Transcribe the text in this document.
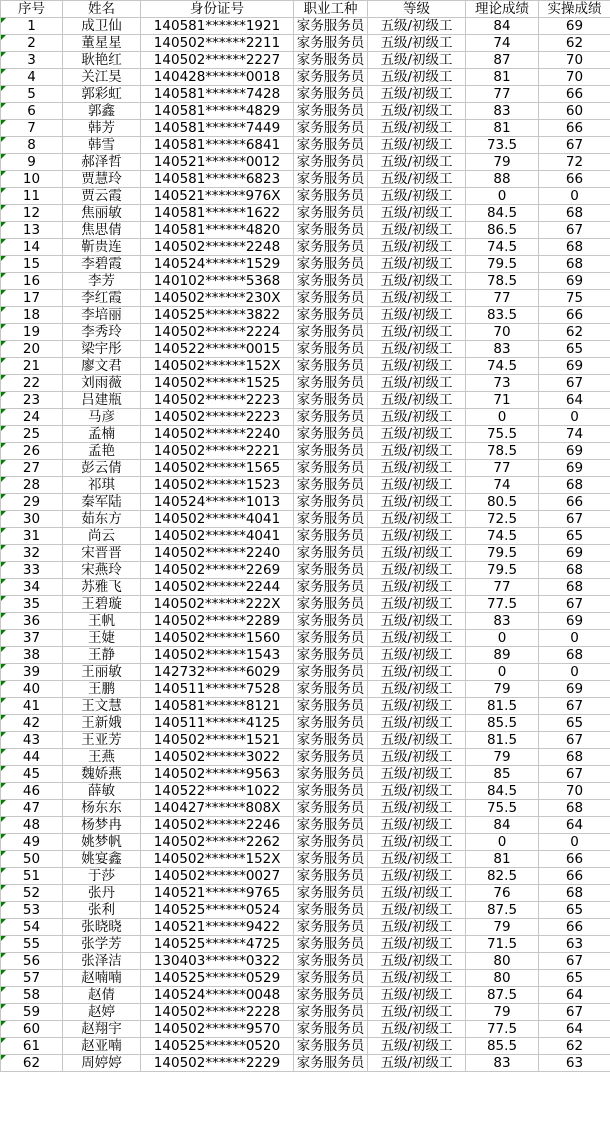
序号	姓名	身份证号	职业工种	等级	理论成绩	实操成绩

1	成卫仙	140581******1921	家务服务员	五级/初级工	84	69

2	董星星	140502******2211	家务服务员	五级/初级工	74	62

3	耿艳红	140502******2227	家务服务员	五级/初级工	87	70

4	关江昊	140428******0018	家务服务员	五级/初级工	81	70

5	郭彩虹	140581******7428	家务服务员	五级/初级工	77	66

6	郭鑫	140581******4829	家务服务员	五级/初级工	83	60

7	韩芳	140581******7449	家务服务员	五级/初级工	81	66

8	韩雪	140581******6841	家务服务员	五级/初级工	73.5	67

9	郝泽哲	140521******0012	家务服务员	五级/初级工	79	72

10	贾慧玲	140581******6823	家务服务员	五级/初级工	88	66

11	贾云霞	140521******976X	家务服务员	五级/初级工	0	0

12	焦丽敏	140581******1622	家务服务员	五级/初级工	84.5	68

13	焦思倩	140581******4820	家务服务员	五级/初级工	86.5	67

14	靳贵连	140502******2248	家务服务员	五级/初级工	74.5	68

15	李碧霞	140524******1529	家务服务员	五级/初级工	79.5	68

16	李芳	140102******5368	家务服务员	五级/初级工	78.5	69

17	李红霞	140502******230X	家务服务员	五级/初级工	77	75

18	李培丽	140525******3822	家务服务员	五级/初级工	83.5	66

19	李秀玲	140502******2224	家务服务员	五级/初级工	70	62

20	梁宇彤	140522******0015	家务服务员	五级/初级工	83	65

21	廖文君	140502******152X	家务服务员	五级/初级工	74.5	69

22	刘雨薇	140502******1525	家务服务员	五级/初级工	73	67

23	吕建瓶	140502******2223	家务服务员	五级/初级工	71	64

24	马彦	140502******2223	家务服务员	五级/初级工	0	0

25	孟楠	140502******2240	家务服务员	五级/初级工	75.5	74

26	孟艳	140502******2221	家务服务员	五级/初级工	78.5	69

27	彭云倩	140502******1565	家务服务员	五级/初级工	77	69

28	祁琪	140502******1523	家务服务员	五级/初级工	74	68

29	秦军陆	140524******1013	家务服务员	五级/初级工	80.5	66

30	茹东方	140502******4041	家务服务员	五级/初级工	72.5	67

31	尚云	140502******4041	家务服务员	五级/初级工	74.5	65

32	宋晋晋	140502******2240	家务服务员	五级/初级工	79.5	69

33	宋燕玲	140502******2269	家务服务员	五级/初级工	79.5	68

34	苏雅飞	140502******2244	家务服务员	五级/初级工	77	68

35	王碧璇	140502******222X	家务服务员	五级/初级工	77.5	67

36	王帆	140502******2289	家务服务员	五级/初级工	83	69

37	王婕	140502******1560	家务服务员	五级/初级工	0	0

38	王静	140502******1543	家务服务员	五级/初级工	89	68

39	王丽敏	142732******6029	家务服务员	五级/初级工	0	0

40	王鹏	140511******7528	家务服务员	五级/初级工	79	69

41	王文慧	140581******8121	家务服务员	五级/初级工	81.5	67

42	王新娥	140511******4125	家务服务员	五级/初级工	85.5	65

43	王亚芳	140502******1521	家务服务员	五级/初级工	81.5	67

44	王燕	140502******3022	家务服务员	五级/初级工	79	68

45	魏娇燕	140502******9563	家务服务员	五级/初级工	85	67

46	薛敏	140522******1022	家务服务员	五级/初级工	84.5	70

47	杨东东	140427******808X	家务服务员	五级/初级工	75.5	68

48	杨梦冉	140502******2246	家务服务员	五级/初级工	84	64

49	姚梦帆	140502******2262	家务服务员	五级/初级工	0	0

50	姚宴鑫	140502******152X	家务服务员	五级/初级工	81	66

51	于莎	140502******0027	家务服务员	五级/初级工	82.5	66

52	张丹	140521******9765	家务服务员	五级/初级工	76	68

53	张利	140525******0524	家务服务员	五级/初级工	87.5	65

54	张晓晓	140521******9422	家务服务员	五级/初级工	79	66

55	张学芳	140525******4725	家务服务员	五级/初级工	71.5	63

56	张泽洁	130403******0322	家务服务员	五级/初级工	80	67

57	赵喃喃	140525******0529	家务服务员	五级/初级工	80	65

58	赵倩	140524******0048	家务服务员	五级/初级工	87.5	64

59	赵婷	140502******2228	家务服务员	五级/初级工	79	67

60	赵翔宇	140502******9570	家务服务员	五级/初级工	77.5	64

61	赵亚喃	140525******0520	家务服务员	五级/初级工	85.5	62

62	周婷婷	140502******2229	家务服务员	五级/初级工	83	63
